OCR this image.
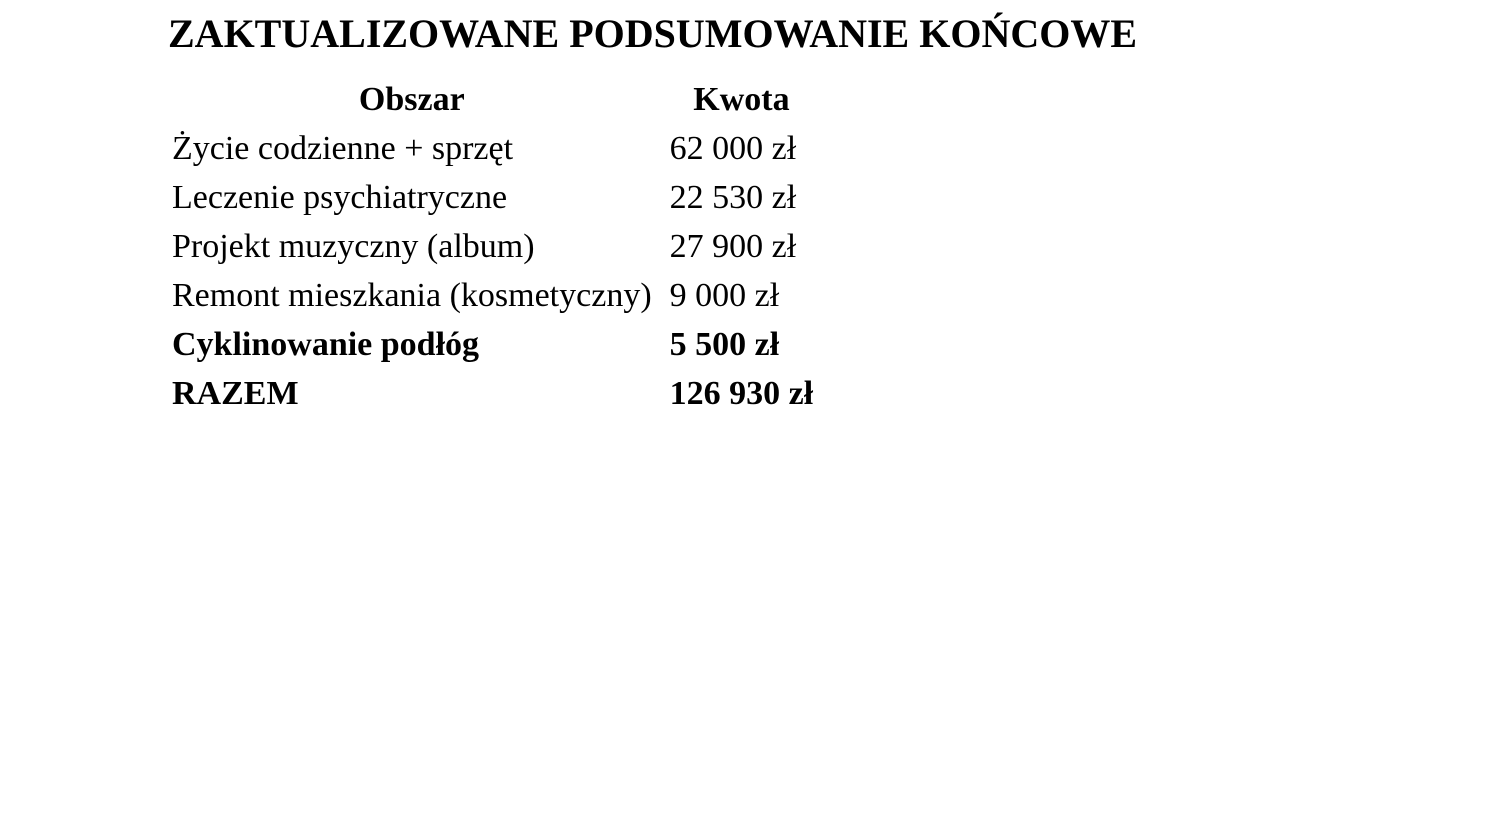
ZAKTUALIZOWANE PODSUMOWANIE KOŃCOWE
Obszar	Kwota
Życie codzienne + sprzęt	62 000 zł
Leczenie psychiatryczne	22 530 zł
Projekt muzyczny (album)	27 900 zł
Remont mieszkania (kosmetyczny)	9 000 zł
Cyklinowanie podłóg	5 500 zł
RAZEM	126 930 zł
